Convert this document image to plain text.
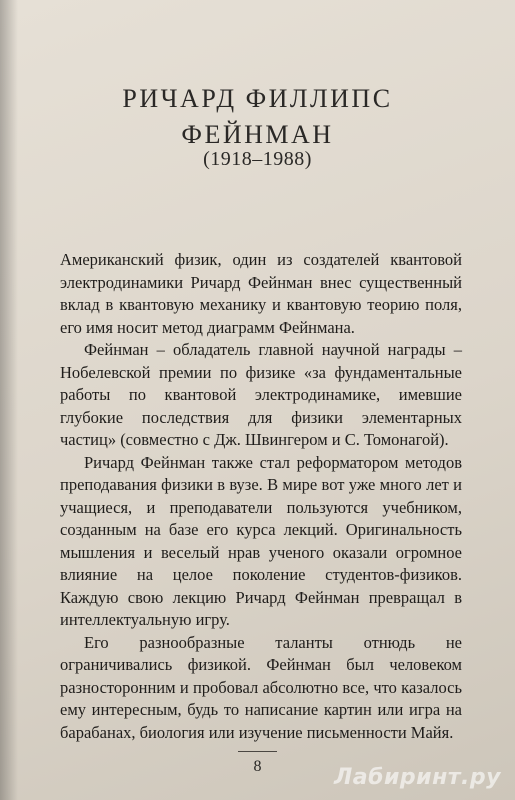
РИЧАРД ФИЛЛИПС
ФЕЙНМАН
(1918–1988)

Американский физик, один из создателей квантовой электродинамики Ричард Фейнман внес существенный вклад в квантовую механику и квантовую теорию поля, его имя носит метод диаграмм Фейнмана.

Фейнман – обладатель главной научной награды – Нобелевской премии по физике «за фундаментальные работы по квантовой электродинамике, имевшие глубокие последствия для физики элементарных частиц» (совместно с Дж. Швингером и С. Томонагой).

Ричард Фейнман также стал реформатором методов преподавания физики в вузе. В мире вот уже много лет и учащиеся, и преподаватели пользуются учебником, созданным на базе его курса лекций. Оригинальность мышления и веселый нрав ученого оказали огромное влияние на целое поколение студентов-физиков. Каждую свою лекцию Ричард Фейнман превращал в интеллектуальную игру.

Его разнообразные таланты отнюдь не ограничивались физикой. Фейнман был человеком разносторонним и пробовал абсолютно все, что казалось ему интересным, будь то написание картин или игра на барабанах, биология или изучение письменности Майя.

8	Лабиринт.ру
